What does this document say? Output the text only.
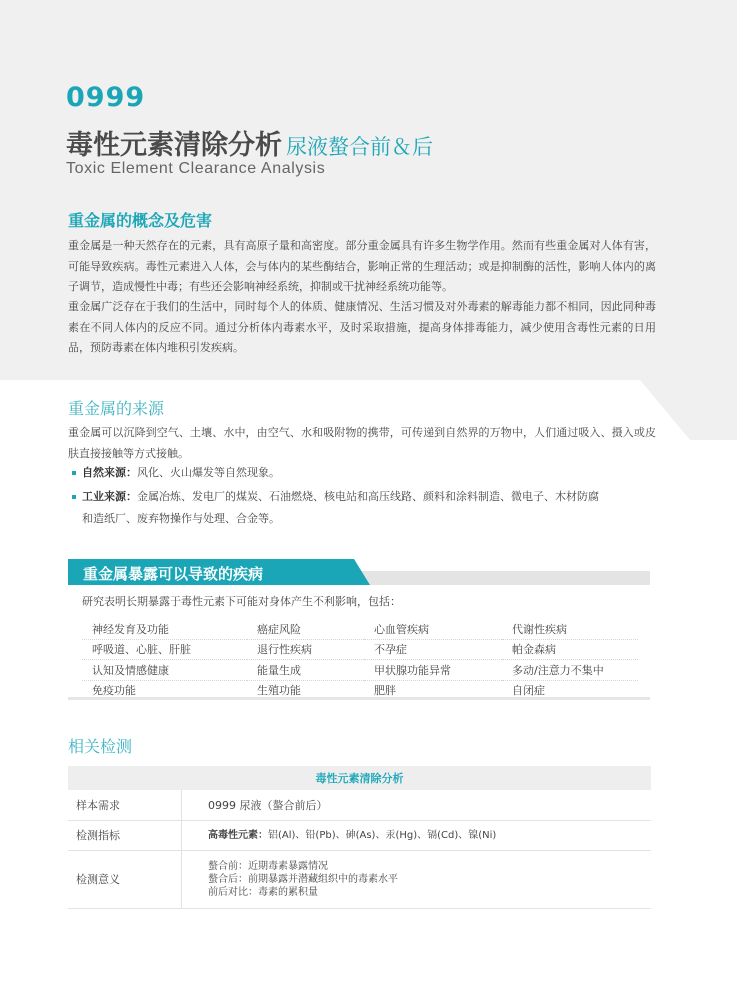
0999
毒性元素清除分析 尿液螯合前＆后
Toxic Element Clearance Analysis
重金属的概念及危害
重金属是一种天然存在的元素，具有高原子量和高密度。部分重金属具有许多生物学作用。然而有些重金属对人体有害，可能导致疾病。毒性元素进入人体，会与体内的某些酶结合，影响正常的生理活动；或是抑制酶的活性，影响人体内的离子调节，造成慢性中毒；有些还会影响神经系统，抑制或干扰神经系统功能等。
重金属广泛存在于我们的生活中，同时每个人的体质、健康情况、生活习惯及对外毒素的解毒能力都不相同，因此同种毒素在不同人体内的反应不同。通过分析体内毒素水平，及时采取措施，提高身体排毒能力，减少使用含毒性元素的日用品，预防毒素在体内堆积引发疾病。
重金属的来源
重金属可以沉降到空气、土壤、水中，由空气、水和吸附物的携带，可传递到自然界的万物中，人们通过吸入、摄入或皮肤直接接触等方式接触。
自然来源：风化、火山爆发等自然现象。
工业来源：金属冶炼、发电厂的煤炭、石油燃烧、核电站和高压线路、颜料和涂料制造、微电子、木材防腐
和造纸厂、废弃物操作与处理、合金等。
重金属暴露可以导致的疾病
研究表明长期暴露于毒性元素下可能对身体产生不利影响，包括：
神经发育及功能	癌症风险	心血管疾病	代谢性疾病
呼吸道、心脏、肝脏	退行性疾病	不孕症	帕金森病
认知及情感健康	能量生成	甲状腺功能异常	多动/注意力不集中
免疫功能	生殖功能	肥胖	自闭症
相关检测
毒性元素清除分析	
样本需求	0999 尿液（螯合前后）
检测指标	高毒性元素：铝(Al)、铅(Pb)、砷(As)、汞(Hg)、镉(Cd)、镍(Ni)
检测意义	螯合前：近期毒素暴露情况
螯合后：前期暴露并潜藏组织中的毒素水平
前后对比：毒素的累积量
